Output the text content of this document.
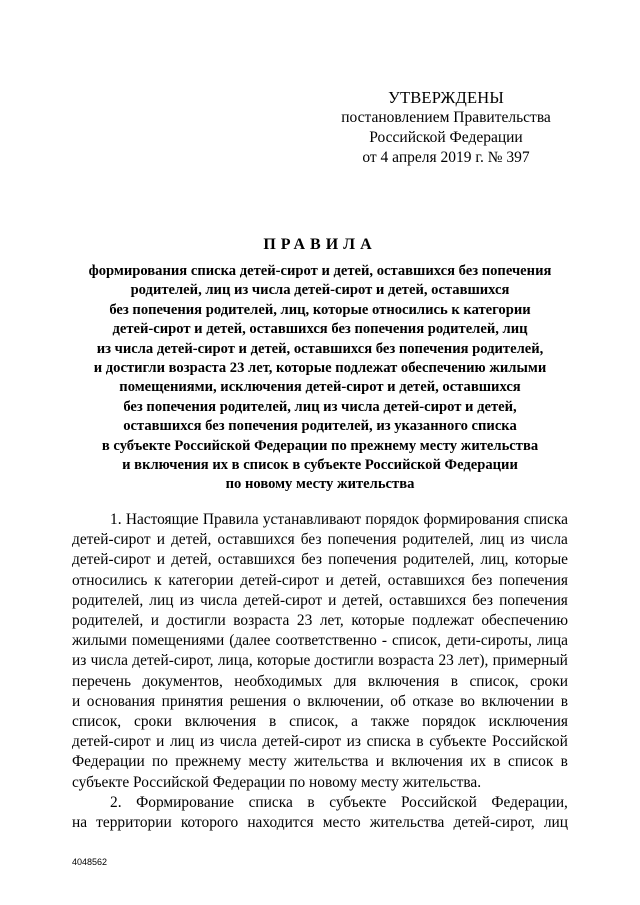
УТВЕРЖДЕНЫ
постановлением Правительства
Российской Федерации
от 4 апреля 2019 г. № 397
ПРАВИЛА
формирования списка детей-сирот и детей, оставшихся без попечения
родителей, лиц из числа детей-сирот и детей, оставшихся
без попечения родителей, лиц, которые относились к категории
детей-сирот и детей, оставшихся без попечения родителей, лиц
из числа детей-сирот и детей, оставшихся без попечения родителей,
и достигли возраста 23 лет, которые подлежат обеспечению жилыми
помещениями, исключения детей-сирот и детей, оставшихся
без попечения родителей, лиц из числа детей-сирот и детей,
оставшихся без попечения родителей, из указанного списка
в субъекте Российской Федерации по прежнему месту жительства
и включения их в список в субъекте Российской Федерации
по новому месту жительства
1. Настоящие Правила устанавливают порядок формирования списка
детей-сирот и детей, оставшихся без попечения родителей, лиц из числа
детей-сирот и детей, оставшихся без попечения родителей, лиц, которые
относились к категории детей-сирот и детей, оставшихся без попечения
родителей, лиц из числа детей-сирот и детей, оставшихся без попечения
родителей, и достигли возраста 23 лет, которые подлежат обеспечению
жилыми помещениями (далее соответственно - список, дети-сироты, лица
из числа детей-сирот, лица, которые достигли возраста 23 лет), примерный
перечень документов, необходимых для включения в список, сроки
и основания принятия решения о включении, об отказе во включении в
список, сроки включения в список, а также порядок исключения
детей-сирот и лиц из числа детей-сирот из списка в субъекте Российской
Федерации по прежнему месту жительства и включения их в список в
субъекте Российской Федерации по новому месту жительства.
2. Формирование списка в субъекте Российской Федерации,
на территории которого находится место жительства детей-сирот, лиц
4048562
